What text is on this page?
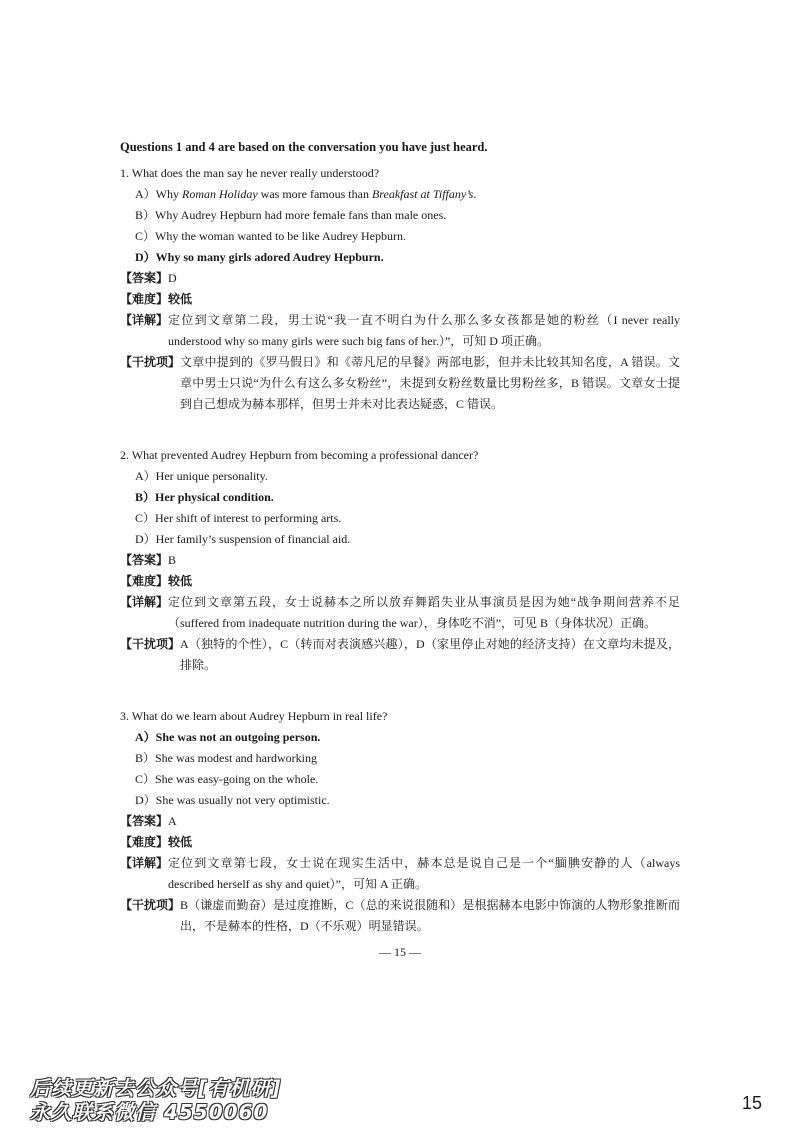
Questions 1 and 4 are based on the conversation you have just heard.
1. What does the man say he never really understood?
A）Why Roman Holiday was more famous than Breakfast at Tiffany’s.
B）Why Audrey Hepburn had more female fans than male ones.
C）Why the woman wanted to be like Audrey Hepburn.
D）Why so many girls adored Audrey Hepburn.
【答案】 D
【难度】 较低
【详解】 定位到文章第二段，男士说“我一直不明白为什么那么多女孩都是她的粉丝（I never really understood why so many girls were such big fans of her.）”，可知 D 项正确。
【干扰项】 文章中提到的《罗马假日》和《蒂凡尼的早餐》两部电影，但并未比较其知名度，A 错误。文章中男士只说“为什么有这么多女粉丝”，未提到女粉丝数量比男粉丝多，B 错误。文章女士提到自己想成为赫本那样，但男士并未对比表达疑惑，C 错误。
2. What prevented Audrey Hepburn from becoming a professional dancer?
A）Her unique personality.
B）Her physical condition.
C）Her shift of interest to performing arts.
D）Her family’s suspension of financial aid.
【答案】 B
【难度】 较低
【详解】 定位到文章第五段，女士说赫本之所以放弃舞蹈失业从事演员是因为她“战争期间营养不足（suffered from inadequate nutrition during the war），身体吃不消”，可见 B（身体状况）正确。
【干扰项】 A（独特的个性），C（转而对表演感兴趣），D（家里停止对她的经济支持）在文章均未提及，排除。
3. What do we learn about Audrey Hepburn in real life?
A）She was not an outgoing person.
B）She was modest and hardworking
C）She was easy-going on the whole.
D）She was usually not very optimistic.
【答案】 A
【难度】 较低
【详解】 定位到文章第七段，女士说在现实生活中，赫本总是说自己是一个“腼腆安静的人（always described herself as shy and quiet）”，可知 A 正确。
【干扰项】 B（谦虚而勤奋）是过度推断，C（总的来说很随和）是根据赫本电影中饰演的人物形象推断而出，不是赫本的性格，D（不乐观）明显错误。
— 15 —
后续更新去公众号[有机研]
永久联系微信 4550060	15
